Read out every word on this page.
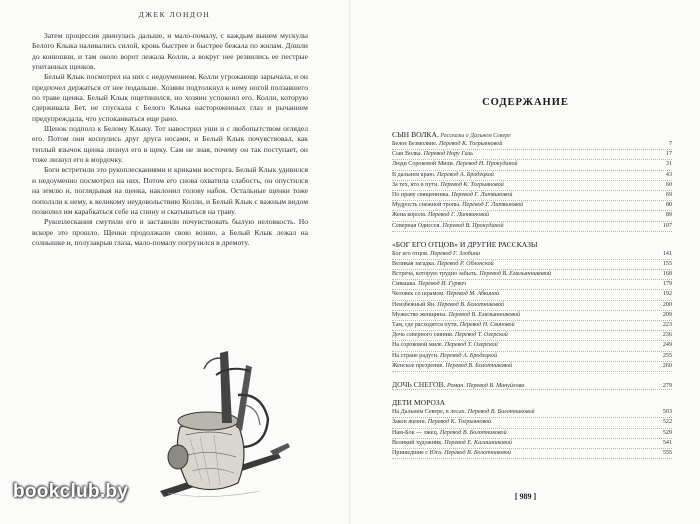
ДЖЕК ЛОНДОН

Затем процессия двинулась дальше, и мало-помалу, с каждым вынем мускулы Белого Клыка наливались силой, кровь быстрее и быстрее бежала по жилам. Дошли до конюшни, и там около ворот лежала Колли, а вокруг нее резвились ее пестрые упитанных щенков.

Белый Клык посмотрел на них с недоумением. Колли угрожающе зарычала, и он предпочел держаться от нее подальше. Хозяин подтолкнул к нему ногой ползавшего по траве щенка. Белый Клык ощетинился, но хозяин успокоил его. Колли, которую сдерживала Бет, не спускала с Белого Клыка настороженных глаз и рычанием предупреждала, что успокаиваться еще рано.

Щенок подполз к Белому Клыку. Тот навострил уши и с любопытством оглядел его. Потом они коснулись друг друга носами, и Белый Клык почувствовал, как теплый язычок щенка лизнул его в щеку. Сам не зная, почему он так поступает, он тоже лизнул его в мордочку.

Боги встретили это рукоплесканиями и криками восторга. Белый Клык удивился и недоуменно посмотрел на них. Потом его снова охватила слабость, он опустился на землю и, поглядывая на щенка, наклонил голову набок. Остальные щенки тоже поползли к нему, к великому неудовольствию Колли, и Белый Клык с важным видом позволил им карабкаться себе на спину и скатываться на траву.

Рукоплескания смутили его и заставили почувствовать былую неловкость. Но вскоре это прошло. Щенки продолжали свою возню, а Белый Клык лежал на солнышке и, полузакрыв глаза, мало-помалу погрузился в дремоту.

СОДЕРЖАНИЕ
СЫН ВОЛКА. Рассказы о Дальнем Севере
Белое Безмолвие. Перевод К. Тогрыяновой	7
Сын Волка. Перевод Нору Галь	17
Люди Сороковой Мили. Перевод Н. Прокудиной	31
В дальнем краю. Перевод А. Бродецкой	43
За тех, кто в пути. Перевод К. Тогрыяновой	60
По праву священника. Перевод Г. Литвиновой	69
Мудрость снежной тропы. Перевод Г. Литвиновой	80
Жена короля. Перевод Г. Литвиновой	89
Северная Одиссея. Перевод В. Прокудиной	107
«БОГ ЕГО ОТЦОВ» И ДРУГИЕ РАССКАЗЫ
Бог его отцов. Перевод Г. Злобина	141
Великая загадка. Перевод Р. Облонской	155
Встреча, которую трудно забыть. Перевод В. Емельянниковой	168
Сивашка. Перевод И. Гурвич	179
Человек со шрамом. Перевод М. Абкиной	192
Неизбежный Ян. Перевод В. Болотниковой	200
Мужество женщины. Перевод В. Емельянниковой	209
Там, где расходятся пути. Перевод Н. Свиновой	223
Дочь северного сияния. Перевод Т. Озерской	236
На сороковой миле. Перевод Т. Озерской	249
На стране радуги. Перевод А. Бродецкой	255
Женское презрение. Перевод В. Болотниковой	260
ДОЧЬ СНЕГОВ. Роман. Перевод В. Мануйлова	279
ДЕТИ МОРОЗА
На Дальнем Севере, в лесах. Перевод В. Болотниковой	503
Закон жизни. Перевод К. Тогрыяновой	522
Нам-Бок — лжец. Перевод В. Болотниковой	529
Великий художник. Перевод Е. Калашниковой	541
Пришедшие с Юга. Перевод В. Болотниковой	555
[ 989 ]
bookclub.by
